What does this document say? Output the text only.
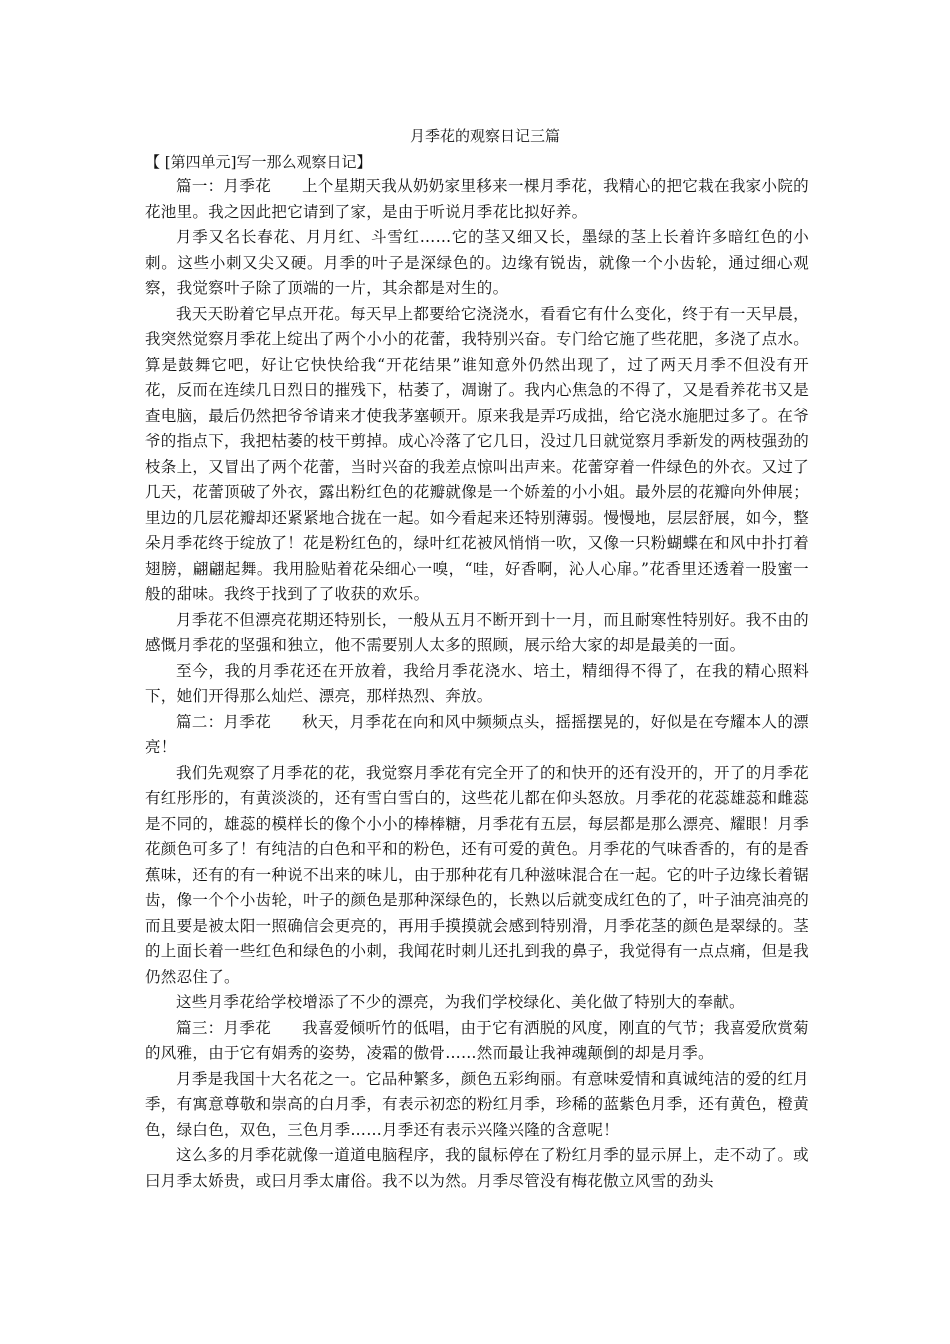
月季花的观察日记三篇

【 [第四单元]写一那么观察日记】

篇一：月季花 上个星期天我从奶奶家里移来一棵月季花，我精心的把它栽在我家小院的花池里。我之因此把它请到了家，是由于听说月季花比拟好养。

月季又名长春花、月月红、斗雪红……它的茎又细又长，墨绿的茎上长着许多暗红色的小刺。这些小刺又尖又硬。月季的叶子是深绿色的。边缘有锐齿，就像一个小齿轮，通过细心观察，我觉察叶子除了顶端的一片，其余都是对生的。

我天天盼着它早点开花。每天早上都要给它浇浇水，看看它有什么变化，终于有一天早晨，我突然觉察月季花上绽出了两个小小的花蕾，我特别兴奋。专门给它施了些花肥，多浇了点水。算是鼓舞它吧，好让它快快给我“开花结果”谁知意外仍然出现了，过了两天月季不但没有开花，反而在连续几日烈日的摧残下，枯萎了，凋谢了。我内心焦急的不得了，又是看养花书又是查电脑，最后仍然把爷爷请来才使我茅塞顿开。原来我是弄巧成拙，给它浇水施肥过多了。在爷爷的指点下，我把枯萎的枝干剪掉。成心冷落了它几日，没过几日就觉察月季新发的两枝强劲的枝条上，又冒出了两个花蕾，当时兴奋的我差点惊叫出声来。花蕾穿着一件绿色的外衣。又过了几天，花蕾顶破了外衣，露出粉红色的花瓣就像是一个娇羞的小小姐。最外层的花瓣向外伸展；里边的几层花瓣却还紧紧地合拢在一起。如今看起来还特别薄弱。慢慢地，层层舒展，如今，整朵月季花终于绽放了！花是粉红色的，绿叶红花被风悄悄一吹，又像一只粉蝴蝶在和风中扑打着翅膀，翩翩起舞。我用脸贴着花朵细心一嗅，“哇，好香啊，沁人心扉。”花香里还透着一股蜜一般的甜味。我终于找到了了收获的欢乐。

月季花不但漂亮花期还特别长，一般从五月不断开到十一月，而且耐寒性特别好。我不由的感慨月季花的坚强和独立，他不需要别人太多的照顾，展示给大家的却是最美的一面。

至今，我的月季花还在开放着，我给月季花浇水、培土，精细得不得了，在我的精心照料下，她们开得那么灿烂、漂亮，那样热烈、奔放。

篇二：月季花 秋天，月季花在向和风中频频点头，摇摇摆晃的，好似是在夸耀本人的漂亮！

我们先观察了月季花的花，我觉察月季花有完全开了的和快开的还有没开的，开了的月季花有红彤彤的，有黄淡淡的，还有雪白雪白的，这些花儿都在仰头怒放。月季花的花蕊雄蕊和雌蕊是不同的，雄蕊的模样长的像个小小的棒棒糖，月季花有五层，每层都是那么漂亮、耀眼！月季花颜色可多了！有纯洁的白色和平和的粉色，还有可爱的黄色。月季花的气味香香的，有的是香蕉味，还有的有一种说不出来的味儿，由于那种花有几种滋味混合在一起。它的叶子边缘长着锯齿，像一个个小齿轮，叶子的颜色是那种深绿色的，长熟以后就变成红色的了，叶子油亮油亮的而且要是被太阳一照确信会更亮的，再用手摸摸就会感到特别滑，月季花茎的颜色是翠绿的。茎的上面长着一些红色和绿色的小刺，我闻花时刺儿还扎到我的鼻子，我觉得有一点点痛，但是我仍然忍住了。

这些月季花给学校增添了不少的漂亮，为我们学校绿化、美化做了特别大的奉献。

篇三：月季花 我喜爱倾听竹的低唱，由于它有洒脱的风度，刚直的气节；我喜爱欣赏菊的风雅，由于它有娟秀的姿势，凌霜的傲骨……然而最让我神魂颠倒的却是月季。

月季是我国十大名花之一。它品种繁多，颜色五彩绚丽。有意味爱情和真诚纯洁的爱的红月季，有寓意尊敬和崇高的白月季，有表示初恋的粉红月季，珍稀的蓝紫色月季，还有黄色，橙黄色，绿白色，双色，三色月季……月季还有表示兴隆兴隆的含意呢！

这么多的月季花就像一道道电脑程序，我的鼠标停在了粉红月季的显示屏上，走不动了。或曰月季太娇贵，或曰月季太庸俗。我不以为然。月季尽管没有梅花傲立风雪的劲头
